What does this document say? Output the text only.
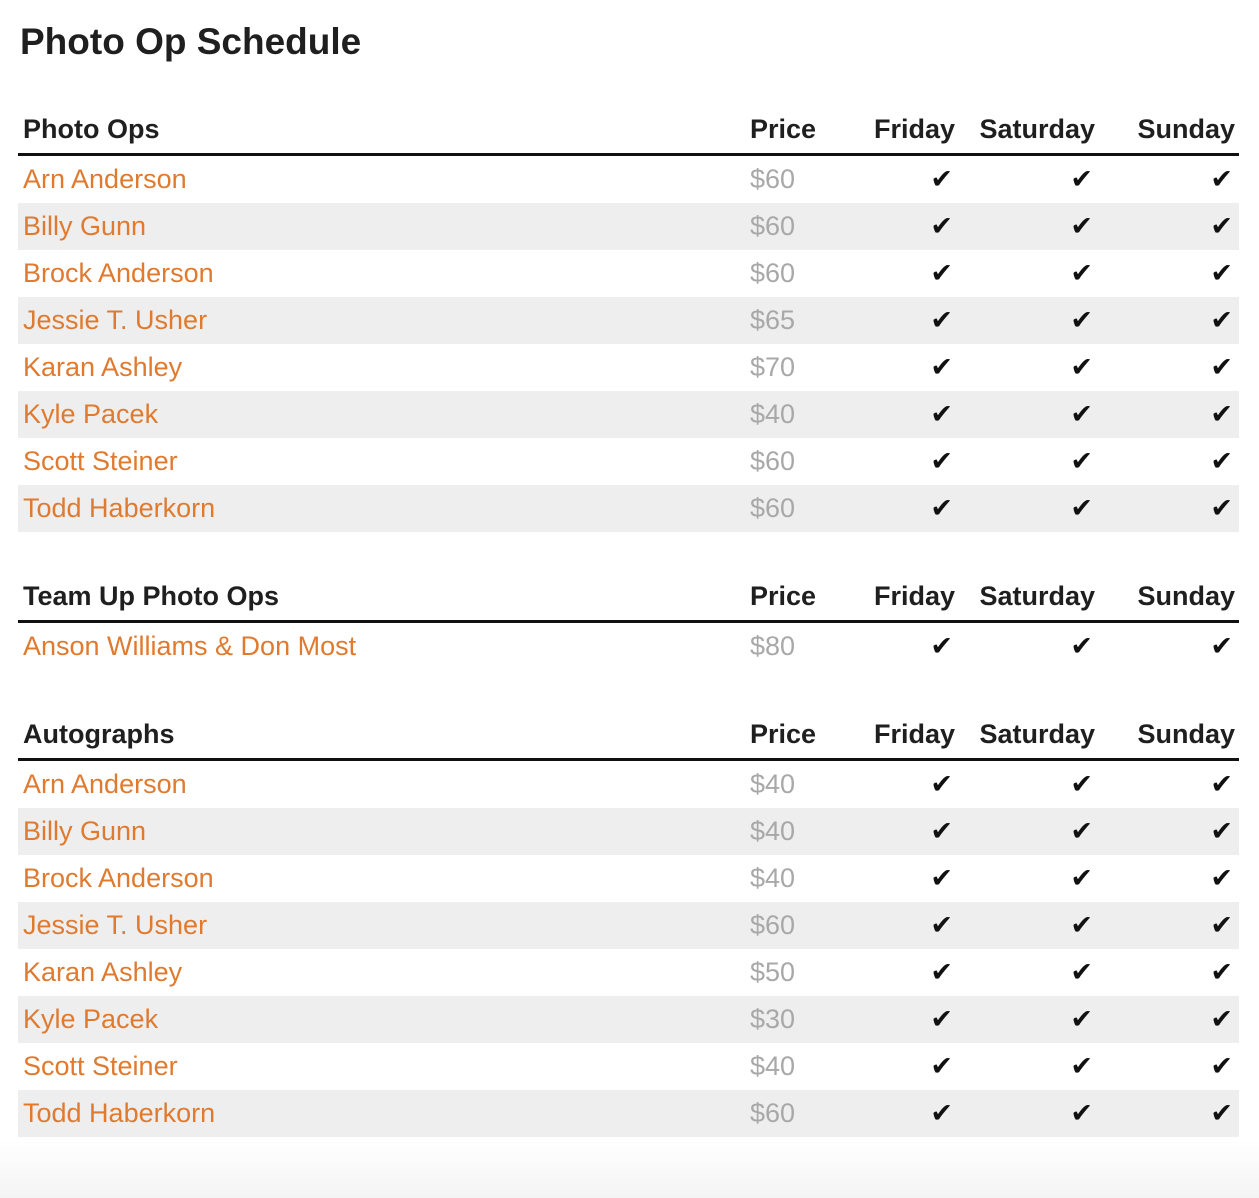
Photo Op Schedule
Photo Ops	Price	Friday	Saturday	Sunday
Arn Anderson	$60	✔	✔	✔
Billy Gunn	$60	✔	✔	✔
Brock Anderson	$60	✔	✔	✔
Jessie T. Usher	$65	✔	✔	✔
Karan Ashley	$70	✔	✔	✔
Kyle Pacek	$40	✔	✔	✔
Scott Steiner	$60	✔	✔	✔
Todd Haberkorn	$60	✔	✔	✔
Team Up Photo Ops	Price	Friday	Saturday	Sunday
Anson Williams & Don Most	$80	✔	✔	✔
Autographs	Price	Friday	Saturday	Sunday
Arn Anderson	$40	✔	✔	✔
Billy Gunn	$40	✔	✔	✔
Brock Anderson	$40	✔	✔	✔
Jessie T. Usher	$60	✔	✔	✔
Karan Ashley	$50	✔	✔	✔
Kyle Pacek	$30	✔	✔	✔
Scott Steiner	$40	✔	✔	✔
Todd Haberkorn	$60	✔	✔	✔
